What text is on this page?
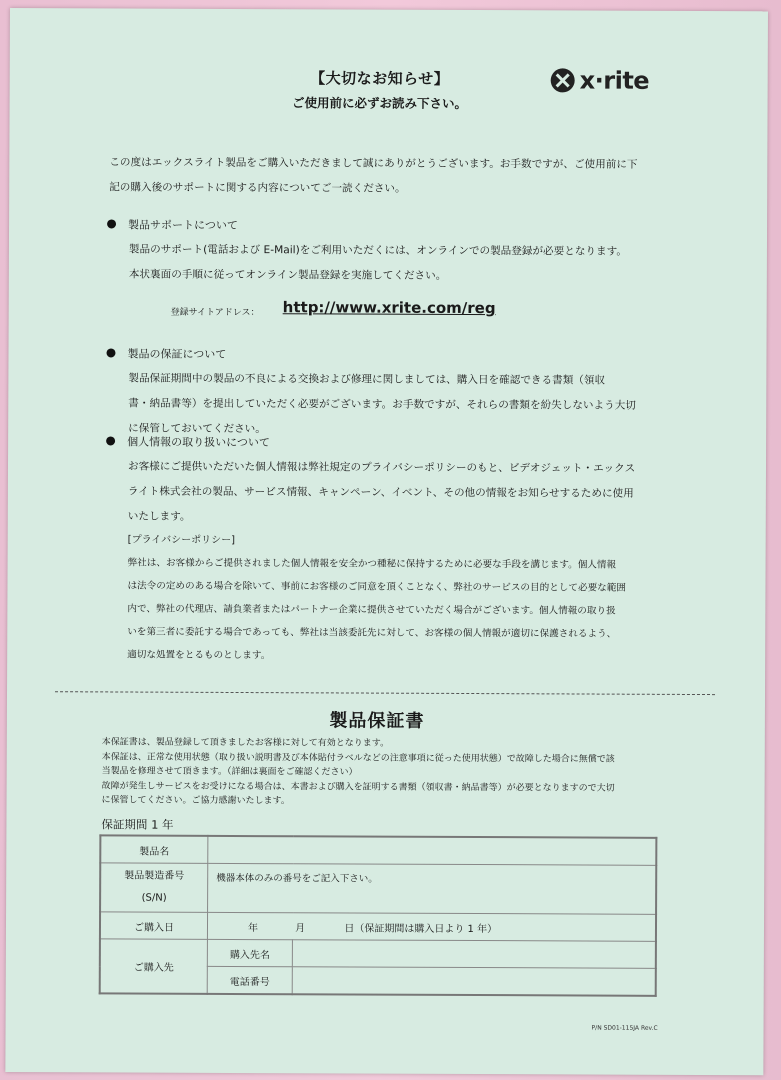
【大切なお知らせ】
ご使用前に必ずお読み下さい。
x·rite
この度はエックスライト製品をご購入いただきまして誠にありがとうございます。お手数ですが、ご使用前に下
記の購入後のサポートに関する内容についてご一読ください。
製品サポートについて
製品のサポート(電話および E-Mail)をご利用いただくには、オンラインでの製品登録が必要となります。
本状裏面の手順に従ってオンライン製品登録を実施してください。
登録サイトアドレス： http://www.xrite.com/reg
製品の保証について
製品保証期間中の製品の不良による交換および修理に関しましては、購入日を確認できる書類（領収
書・納品書等）を提出していただく必要がございます。お手数ですが、それらの書類を紛失しないよう大切
に保管しておいてください。
個人情報の取り扱いについて
お客様にご提供いただいた個人情報は弊社規定のプライバシーポリシーのもと、ビデオジェット・エックス
ライト株式会社の製品、サービス情報、キャンペーン、イベント、その他の情報をお知らせするために使用
いたします。
[プライバシーポリシー]
弊社は、お客様からご提供されました個人情報を安全かつ種秘に保持するために必要な手段を講じます。個人情報
は法令の定めのある場合を除いて、事前にお客様のご同意を頂くことなく、弊社のサービスの目的として必要な範囲
内で、弊社の代理店、請負業者またはパートナー企業に提供させていただく場合がございます。個人情報の取り扱
いを第三者に委託する場合であっても、弊社は当該委託先に対して、お客様の個人情報が適切に保護されるよう、
適切な処置をとるものとします。
製品保証書
本保証書は、製品登録して頂きましたお客様に対して有効となります。
本保証は、正常な使用状態（取り扱い説明書及び本体貼付ラベルなどの注意事項に従った使用状態）で故障した場合に無償で該
当製品を修理させて頂きます。（詳細は裏面をご確認ください）
故障が発生しサービスをお受けになる場合は、本書および購入を証明する書類（領収書・納品書等）が必要となりますので大切
に保管してください。ご協力感謝いたします。
保証期間 1 年
製品名		

製品製造番号
(S/N)	機器本体のみの番号をご記入下さい。	
ご購入日	年 月 日（保証期間は購入日より 1 年）	
ご購入先	購入先名	
	電話番号	
P/N SD01-115JA Rev.C
